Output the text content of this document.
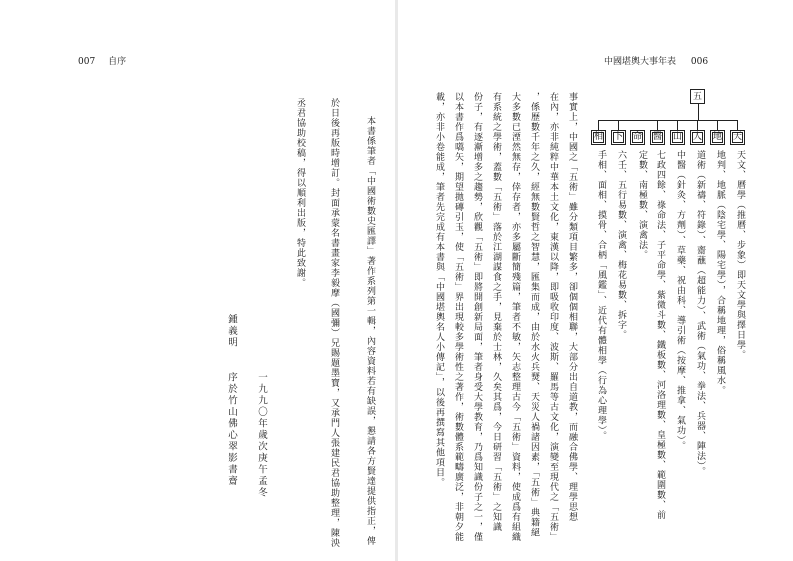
007 自序
本書係筆者「中國術數史匯譯」著作系列第一輯，內容資料若有缺誤，懇請各方賢達提供指正，俾
於日後再版時增訂。封面承蒙名書畫家李毅摩（國彌）兄賜題墨寶，又承門人張建民君協助整理，陳泱
丞君協助校稿，得以順利出版，特此致謝。
一九九〇年歲次庚午孟冬
序於竹山佛心翠影書齋
鍾義明
中國堪輿大事年表 006
五
天
地
人
山
醫
命
卜
相
天文、曆學（推曆、步象）即天文學與擇日學。
地判、地脈（陰宅學、陽宅學），合稱地理，俗稱風水。
道術（新禱、符錄）、齋蘸（超能力）、武術（氣功、拳法、兵器、陣法）。
中醫（針灸、方劑）、草藥、祝由科、導引術（按摩、推拿、氣功）。
七政四餘、祿命法、子平命學、紫微斗數、鐵板數、河洛理數、皇極數、範圍數、前
定數、南極數、演禽法。
六壬、五行易數、演禽、梅花易數、拆字。
手相、面相、摸骨、合柄「風鑑」、近代有體相學（行為心理學）。
事實上，中國之「五術」雖分類項目繁多，卻個個相聯，大部分出自道教，而融合佛學、理學思想
在內，亦非純粹中華本土文化，東漢以降，即吸收印度、波斯、羅馬等古文化，演變至現代之「五術」
，係歷數千年之久，經無數賢哲之智慧，匯集而成，由於水火兵燹、天災人禍諸因素，「五術」典籍絕
大多數已湮然無存，倖存者，亦多屬斷簡殘篇，筆者不敏，矢志整理古今「五術」資料，使成爲有組織
有系統之學術，蓋數「五術」落於江湖謀食之手，見棄於士林，久矣其爲，今日研習「五術」之知識
份子，有逐漸增多之趨勢，欣觀「五術」即將開創新局面，筆者身受大學教育，乃爲知識份子之一，僅
以本書作爲嚆矢，期望拋磚引玉，使「五術」界出現較多學術性之著作，術數體系範疇廣泛，非朝夕能
載，亦非小卷能成，筆者先完成有本書與「中國堪輿名人小傳記」，以後再撰寫其他項目。
